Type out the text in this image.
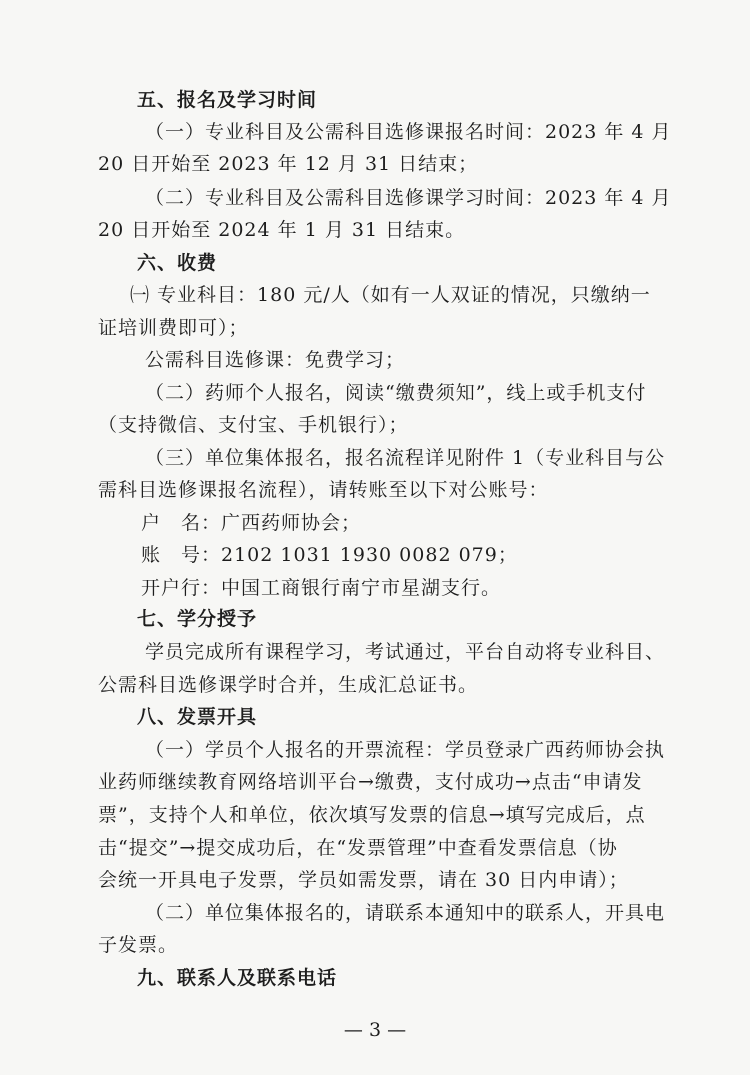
五、报名及学习时间
（一）专业科目及公需科目选修课报名时间：2023 年 4 月
20 日开始至 2023 年 12 月 31 日结束；
（二）专业科目及公需科目选修课学习时间：2023 年 4 月
20 日开始至 2024 年 1 月 31 日结束。
六、收费
㈠ 专业科目：180 元/人（如有一人双证的情况，只缴纳一
证培训费即可）；
公需科目选修课：免费学习；
（二）药师个人报名，阅读“缴费须知”，线上或手机支付
（支持微信、支付宝、手机银行）；
（三）单位集体报名，报名流程详见附件 1（专业科目与公
需科目选修课报名流程），请转账至以下对公账号：
户　名：广西药师协会；
账　号：2102 1031 1930 0082 079；
开户行：中国工商银行南宁市星湖支行。
七、学分授予
学员完成所有课程学习，考试通过，平台自动将专业科目、
公需科目选修课学时合并，生成汇总证书。
八、发票开具
（一）学员个人报名的开票流程：学员登录广西药师协会执
业药师继续教育网络培训平台→缴费，支付成功→点击“申请发
票”，支持个人和单位，依次填写发票的信息→填写完成后，点
击“提交”→提交成功后，在“发票管理”中查看发票信息（协
会统一开具电子发票，学员如需发票，请在 30 日内申请）；
（二）单位集体报名的，请联系本通知中的联系人，开具电
子发票。
九、联系人及联系电话
— 3 —
